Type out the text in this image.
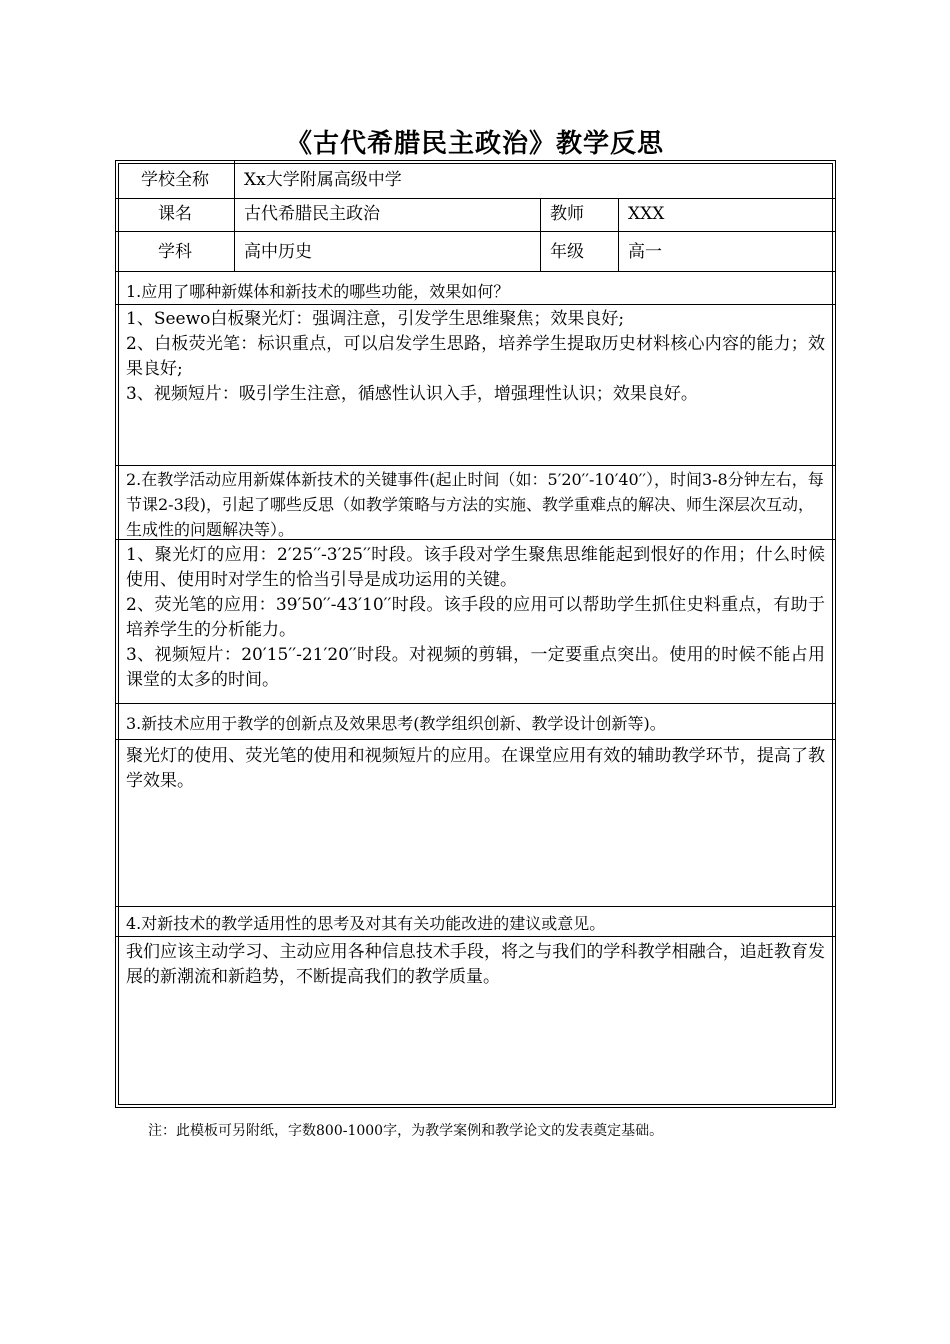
《古代希腊民主政治》教学反思
学校全称	Xx大学附属高级中学
课名	古代希腊民主政治	教师	XXX
学科	高中历史	年级	高一
1.应用了哪种新媒体和新技术的哪些功能，效果如何？

1、Seewo白板聚光灯：强调注意，引发学生思维聚焦；效果良好;

2、白板荧光笔：标识重点，可以启发学生思路，培养学生提取历史材料核心内容的能力；效果良好;

3、视频短片：吸引学生注意，循感性认识入手，增强理性认识；效果良好。

2.在教学活动应用新媒体新技术的关键事件(起止时间（如：5′20′′-10′40′′），时间3-8分钟左右，每节课2-3段)，引起了哪些反思（如教学策略与方法的实施、教学重难点的解决、师生深层次互动，生成性的问题解决等）。

1、聚光灯的应用：2′25′′-3′25′′时段。该手段对学生聚焦思维能起到恨好的作用；什么时候使用、使用时对学生的恰当引导是成功运用的关键。

2、荧光笔的应用：39′50′′-43′10′′时段。该手段的应用可以帮助学生抓住史料重点，有助于培养学生的分析能力。

3、视频短片：20′15′′-21′20′′时段。对视频的剪辑，一定要重点突出。使用的时候不能占用课堂的太多的时间。

3.新技术应用于教学的创新点及效果思考(教学组织创新、教学设计创新等)。

聚光灯的使用、荧光笔的使用和视频短片的应用。在课堂应用有效的辅助教学环节，提高了教学效果。

4.对新技术的教学适用性的思考及对其有关功能改进的建议或意见。

我们应该主动学习、主动应用各种信息技术手段，将之与我们的学科教学相融合，追赶教育发展的新潮流和新趋势，不断提高我们的教学质量。

注：此模板可另附纸，字数800-1000字，为教学案例和教学论文的发表奠定基础。
